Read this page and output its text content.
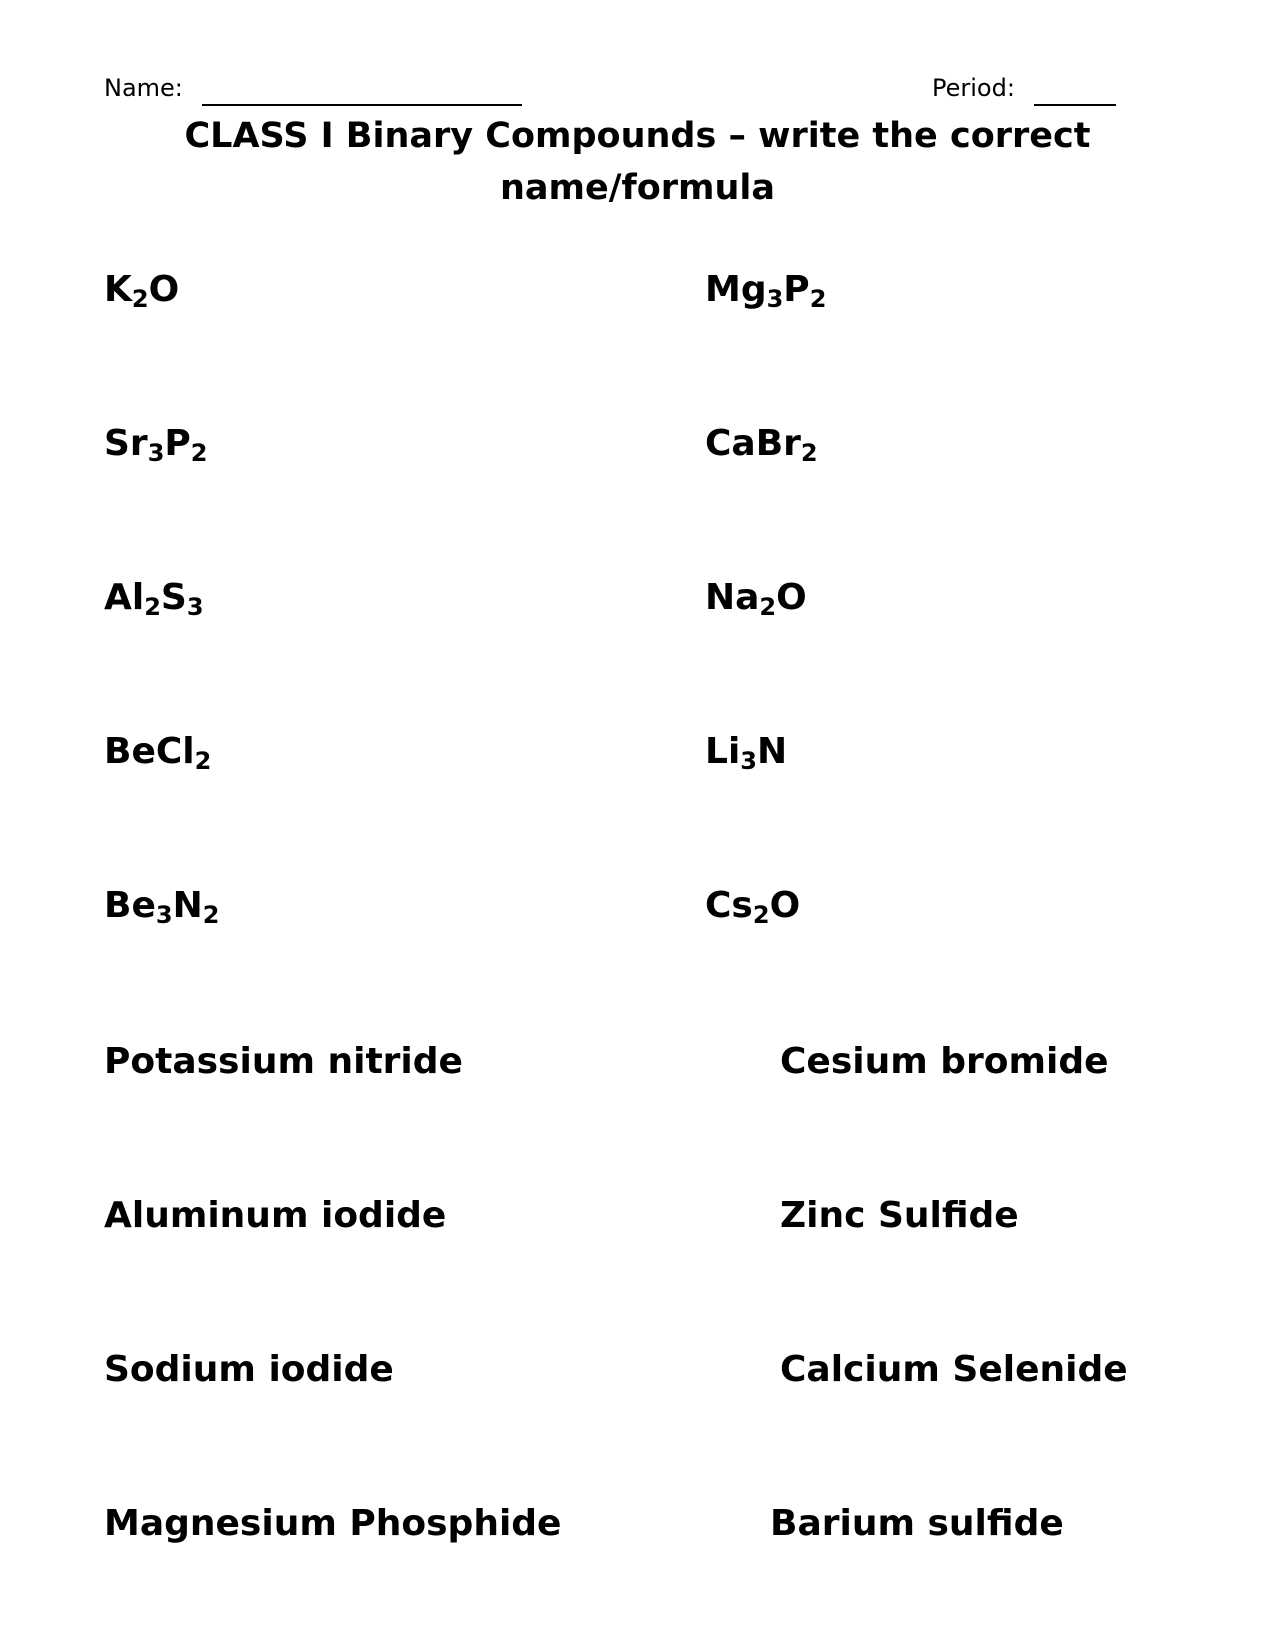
Name:	Period:
CLASS I Binary Compounds – write the correct
name/formula
$K_2O$
$Sr_3P_2$
$Al_2S_3$
BeCl$_2$
$Be_3N_2$
$Mg_3P_2$
CaBr$_2$
$Na_2O$
$Li_3N$
$Cs_2O$
Potassium nitride
Aluminum iodide
Sodium iodide
Magnesium Phosphide
Cesium bromide
Zinc Sulfide
Calcium Selenide
Barium sulfide
